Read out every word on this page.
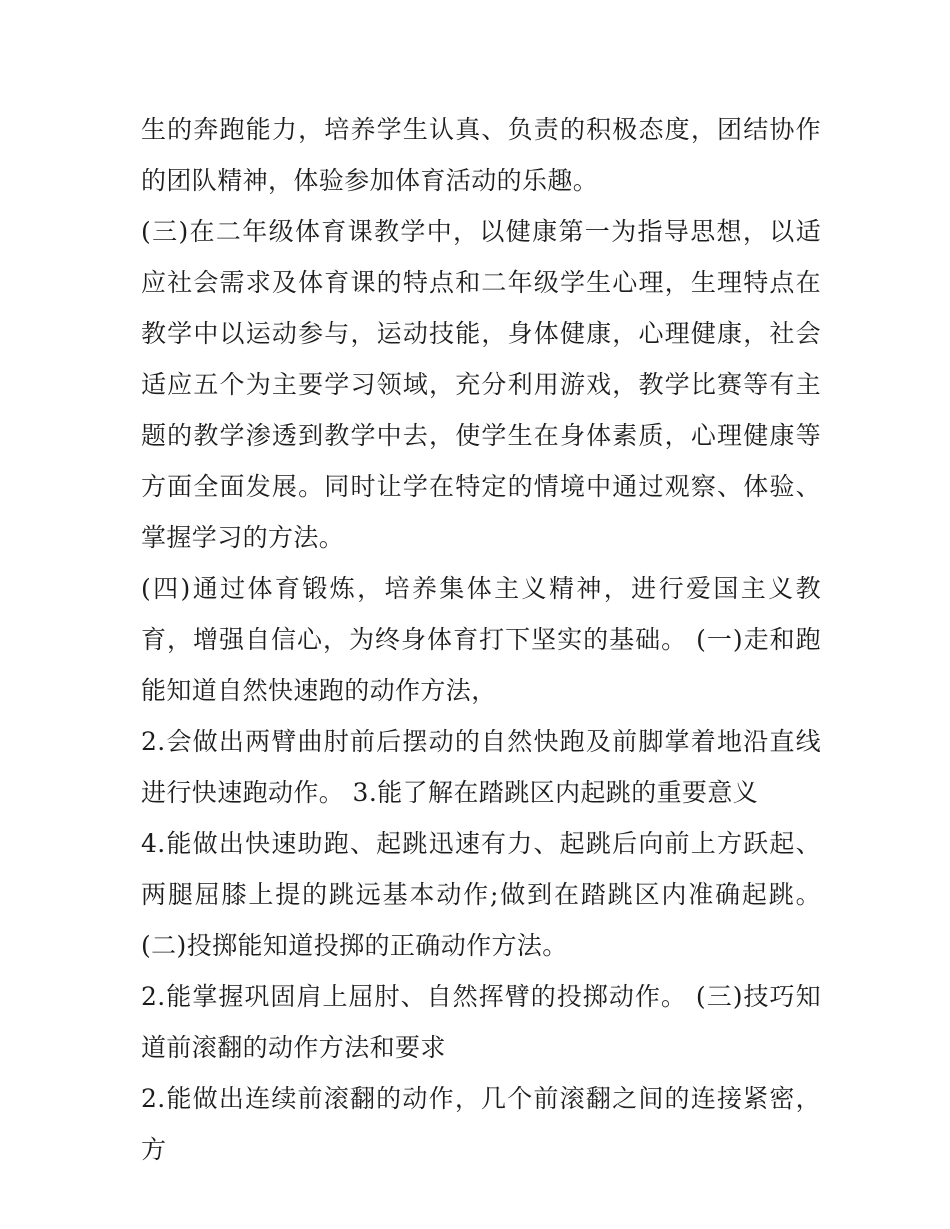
生的奔跑能力，培养学生认真、负责的积极态度，团结协作的团队精神，体验参加体育活动的乐趣。

(三)在二年级体育课教学中，以健康第一为指导思想，以适应社会需求及体育课的特点和二年级学生心理，生理特点在教学中以运动参与，运动技能，身体健康，心理健康，社会适应五个为主要学习领域，充分利用游戏，教学比赛等有主题的教学渗透到教学中去，使学生在身体素质，心理健康等方面全面发展。同时让学在特定的情境中通过观察、体验、掌握学习的方法。

(四)通过体育锻炼，培养集体主义精神，进行爱国主义教育，增强自信心，为终身体育打下坚实的基础。 (一)走和跑 能知道自然快速跑的动作方法，

2.会做出两臂曲肘前后摆动的自然快跑及前脚掌着地沿直线进行快速跑动作。 3.能了解在踏跳区内起跳的重要意义

4.能做出快速助跑、起跳迅速有力、起跳后向前上方跃起、两腿屈膝上提的跳远基本动作;做到在踏跳区内准确起跳。 (二)投掷能知道投掷的正确动作方法。

2.能掌握巩固肩上屈肘、自然挥臂的投掷动作。 (三)技巧知道前滚翻的动作方法和要求

2.能做出连续前滚翻的动作，几个前滚翻之间的连接紧密，方
